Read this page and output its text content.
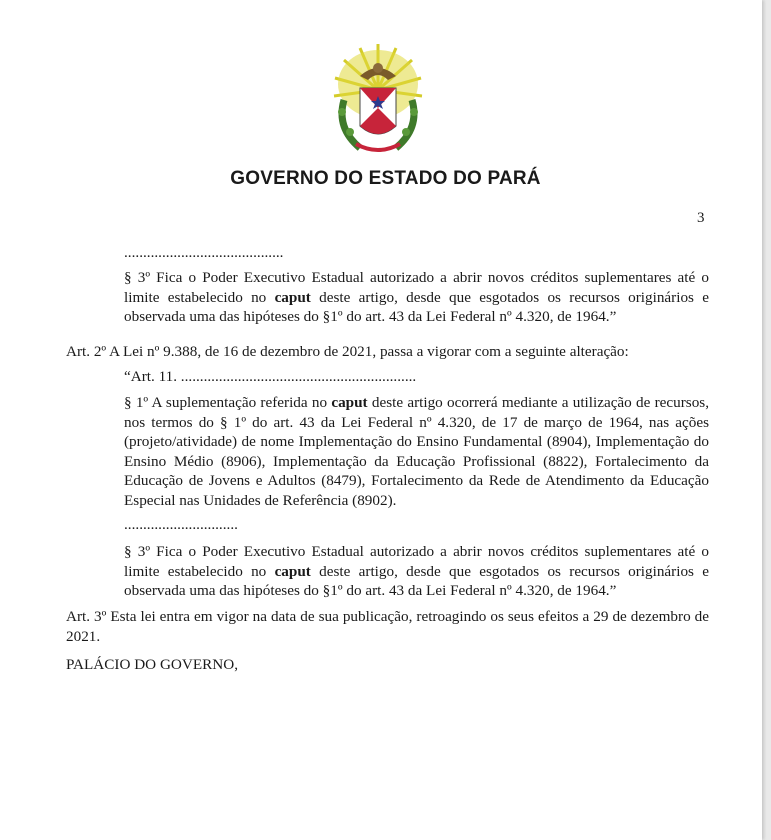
GOVERNO DO ESTADO DO PARÁ
3
..........................................
§ 3º Fica o Poder Executivo Estadual autorizado a abrir novos créditos suplementares até o limite estabelecido no caput deste artigo, desde que esgotados os recursos originários e observada uma das hipóteses do §1º do art. 43 da Lei Federal nº 4.320, de 1964.”
Art. 2º A Lei nº 9.388, de 16 de dezembro de 2021, passa a vigorar com a seguinte alteração:
“Art. 11. ..............................................................
§ 1º A suplementação referida no caput deste artigo ocorrerá mediante a utilização de recursos, nos termos do § 1º do art. 43 da Lei Federal nº 4.320, de 17 de março de 1964, nas ações (projeto/atividade) de nome Implementação do Ensino Fundamental (8904), Implementação do Ensino Médio (8906), Implementação da Educação Profissional (8822), Fortalecimento da Educação de Jovens e Adultos (8479), Fortalecimento da Rede de Atendimento da Educação Especial nas Unidades de Referência (8902).
..............................
§ 3º Fica o Poder Executivo Estadual autorizado a abrir novos créditos suplementares até o limite estabelecido no caput deste artigo, desde que esgotados os recursos originários e observada uma das hipóteses do §1º do art. 43 da Lei Federal nº 4.320, de 1964.”
Art. 3º Esta lei entra em vigor na data de sua publicação, retroagindo os seus efeitos a 29 de dezembro de 2021.
PALÁCIO DO GOVERNO,
